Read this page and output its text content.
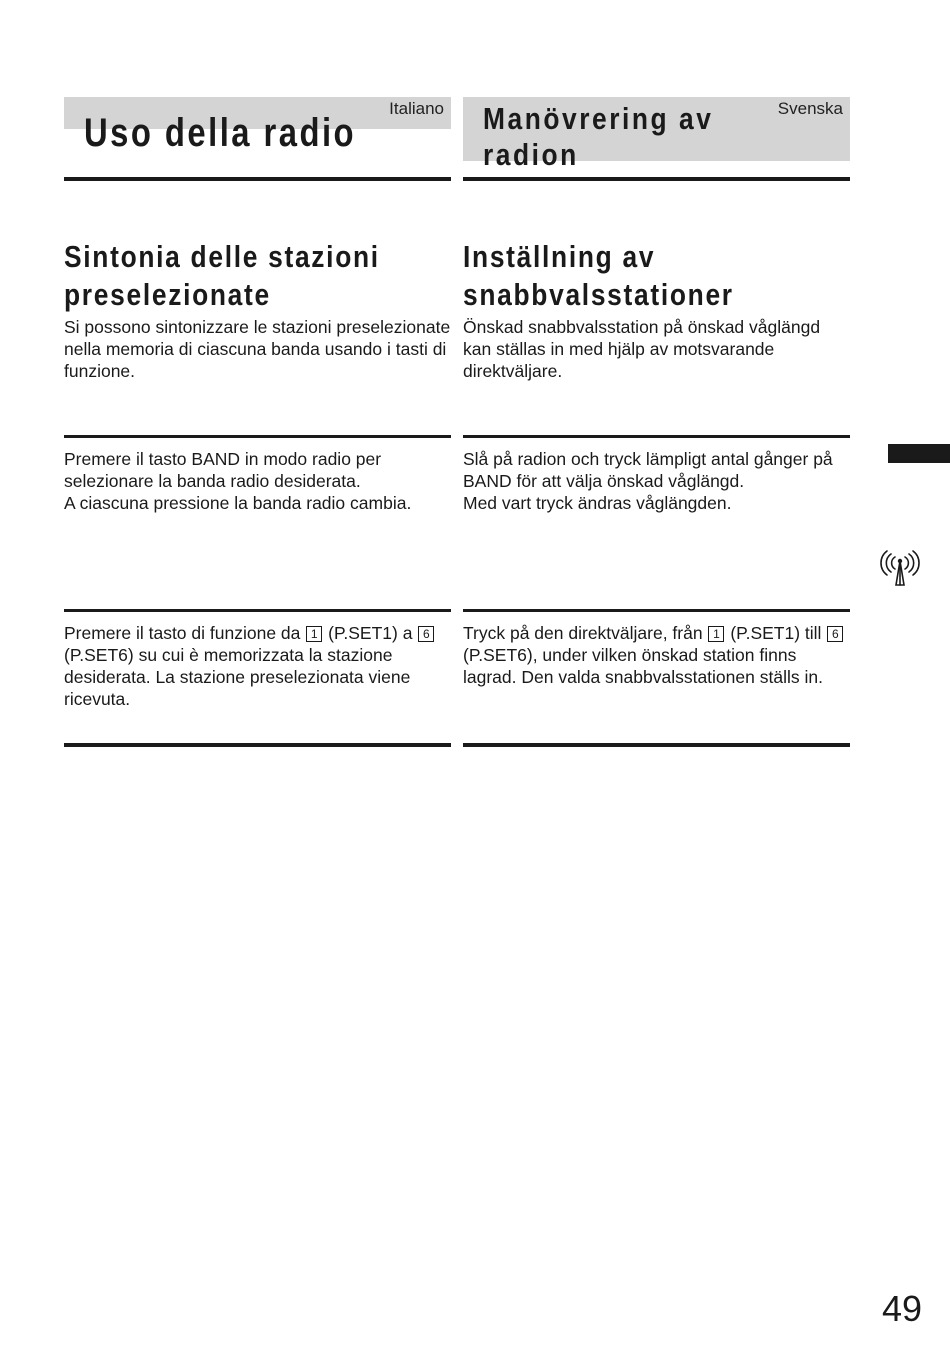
Italiano
Uso della radio
Sintonia delle stazioni
preselezionate
Si possono sintonizzare le stazioni preselezionate nella memoria di ciascuna banda usando i tasti di funzione.

Premere il tasto BAND in modo radio per selezionare la banda radio desiderata.

A ciascuna pressione la banda radio cambia.

Premere il tasto di funzione da 1 (P.SET1) a 6 (P.SET6) su cui è memorizzata la stazione desiderata. La stazione preselezionata viene ricevuta.
Svenska
Manövrering av
radion
Inställning av
snabbvalsstationer
Önskad snabbvalsstation på önskad våglängd kan ställas in med hjälp av motsvarande direktväljare.

Slå på radion och tryck lämpligt antal gånger på BAND för att välja önskad våglängd.

Med vart tryck ändras våglängden.

Tryck på den direktväljare, från 1 (P.SET1) till 6 (P.SET6), under vilken önskad station finns lagrad. Den valda snabbvalsstationen ställs in.
49
